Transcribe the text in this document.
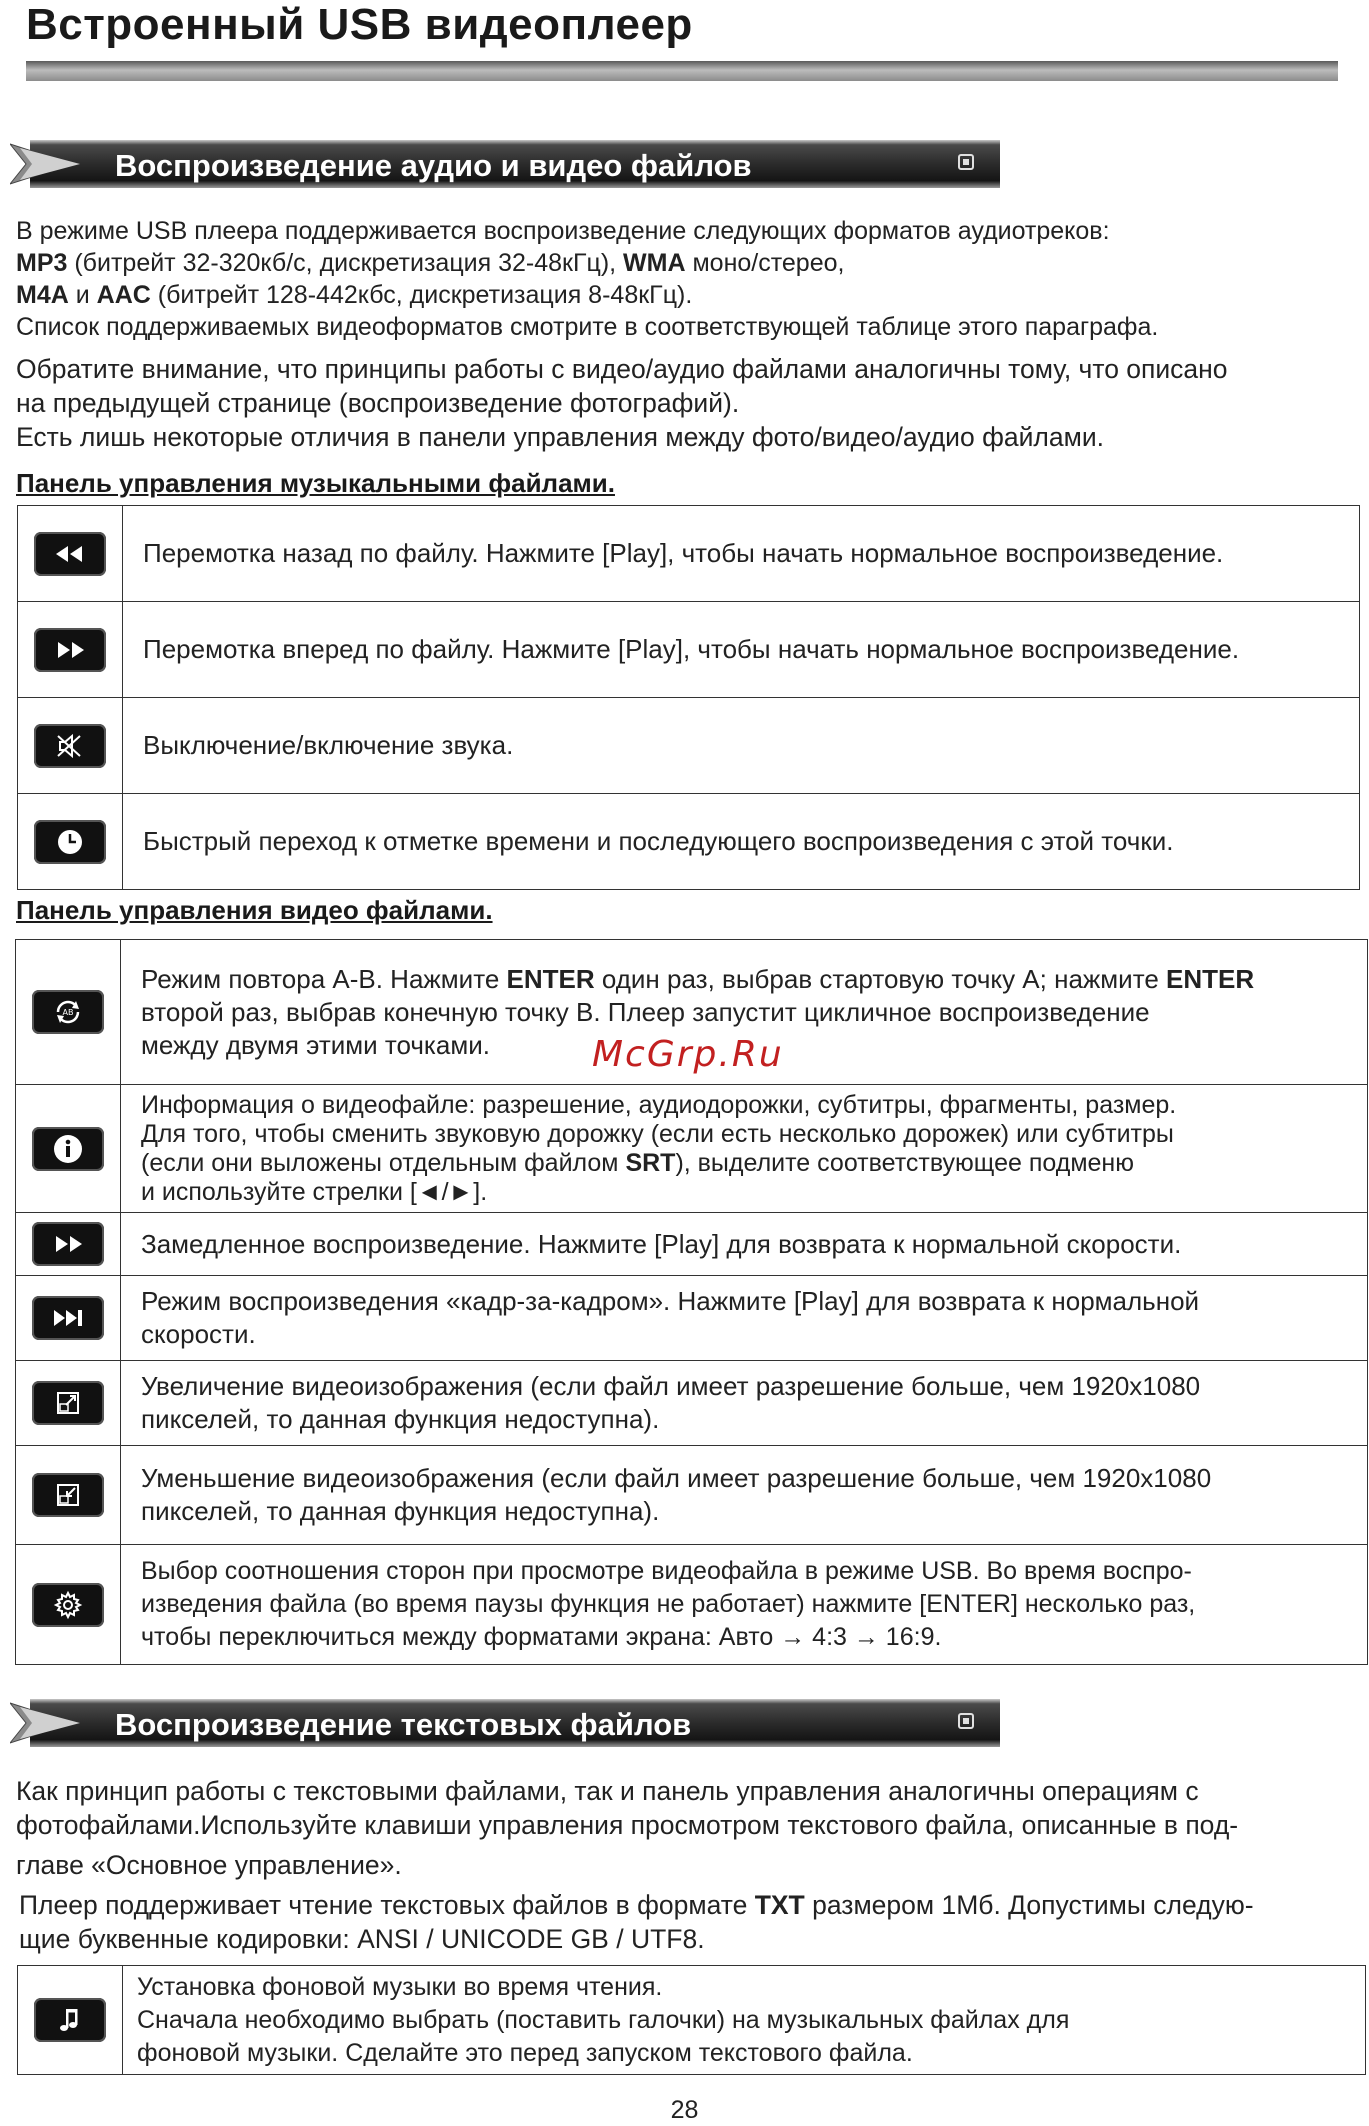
Встроенный USB видеоплеер
Воспроизведение аудио и видео файлов
В режиме USB плеера поддерживается воспроизведение следующих форматов аудиотреков:
MP3 (битрейт 32-320кб/с, дискретизация 32-48кГц), WMA моно/стерео,
M4A и AAC (битрейт 128-442кбс, дискретизация 8-48кГц).
Список поддерживаемых видеоформатов смотрите в соответствующей таблице этого параграфа.
Обратите внимание, что принципы работы с видео/аудио файлами аналогичны тому, что описано
на предыдущей странице (воспроизведение фотографий).
Есть лишь некоторые отличия в панели управления между фото/видео/аудио файлами.
Панель управления музыкальными файлами.
	Перемотка назад по файлу. Нажмите [Play], чтобы начать нормальное воспроизведение.

	Перемотка вперед по файлу. Нажмите [Play], чтобы начать нормальное воспроизведение.

	Выключение/включение звука.

	Быстрый переход к отметке времени и последующего воспроизведения с этой точки.
Панель управления видео файлами.
AB	Режим повтора А-В. Нажмите ENTER один раз, выбрав стартовую точку А; нажмите ENTER
второй раз, выбрав конечную точку В. Плеер запустит цикличное воспроизведение
между двумя этими точками.

	Информация о видеофайле: разрешение, аудиодорожки, субтитры, фрагменты, размер.
Для того, чтобы сменить звуковую дорожку (если есть несколько дорожек) или субтитры
(если они выложены отдельным файлом SRT), выделите соответствующее подменю
и используйте стрелки [◄/►].

	Замедленное воспроизведение. Нажмите [Play] для возврата к нормальной скорости.

	Режим воспроизведения «кадр-за-кадром». Нажмите [Play] для возврата к нормальной
скорости.

	Увеличение видеоизображения (если файл имеет разрешение больше, чем 1920х1080
пикселей, то данная функция недоступна).

	Уменьшение видеоизображения (если файл имеет разрешение больше, чем 1920х1080
пикселей, то данная функция недоступна).

	Выбор соотношения сторон при просмотре видеофайла в режиме USB. Во время воспро-
изведения файла (во время паузы функция не работает) нажмите [ENTER] несколько раз,
чтобы переключиться между форматами экрана: Авто → 4:3 → 16:9.
McGrp.Ru
Воспроизведение текстовых файлов
Как принцип работы с текстовыми файлами, так и панель управления аналогичны операциям с
фотофайлами.Используйте клавиши управления просмотром текстового файла, описанные в под-
главе «Основное управление».
Плеер поддерживает чтение текстовых файлов в формате TXT размером 1Мб. Допустимы следую-
щие буквенные кодировки: ANSI / UNICODE GB / UTF8.
	Установка фоновой музыки во время чтения.
Сначала необходимо выбрать (поставить галочки) на музыкальных файлах для
фоновой музыки. Сделайте это перед запуском текстового файла.
28
